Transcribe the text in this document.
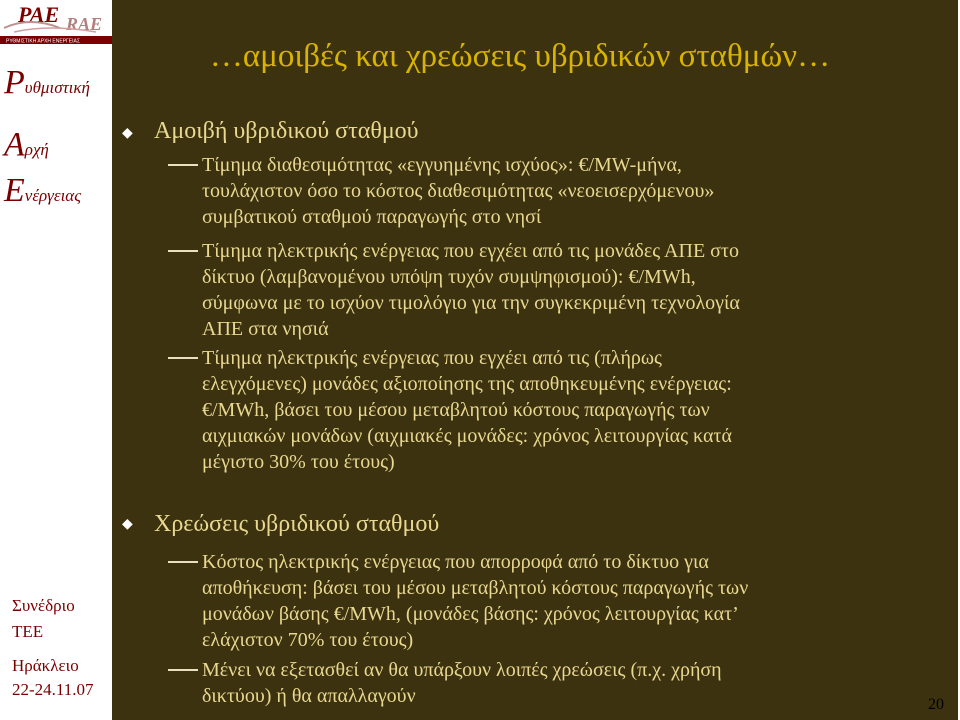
PAE RAE
ΡΥΘΜΙΣΤΙΚΗ ΑΡΧΗ ΕΝΕΡΓΕΙΑΣ
Ρυθμιστική
Αρχή
Ενέργειας
Συνέδριο
ΤΕΕ
Ηράκλειο
22-24.11.07
…αμοιβές και χρεώσεις υβριδικών σταθμών…
◆ Αμοιβή υβριδικού σταθμού
Τίμημα διαθεσιμότητας «εγγυημένης ισχύος»: €/MW-μήνα,
τουλάχιστον όσο το κόστος διαθεσιμότητας «νεοεισερχόμενου»
συμβατικού σταθμού παραγωγής στο νησί
Τίμημα ηλεκτρικής ενέργειας που εγχέει από τις μονάδες ΑΠΕ στο
δίκτυο (λαμβανομένου υπόψη τυχόν συμψηφισμού): €/MWh,
σύμφωνα με το ισχύον τιμολόγιο για την συγκεκριμένη τεχνολογία
ΑΠΕ στα νησιά
Τίμημα ηλεκτρικής ενέργειας που εγχέει από τις (πλήρως
ελεγχόμενες) μονάδες αξιοποίησης της αποθηκευμένης ενέργειας:
€/MWh, βάσει του μέσου μεταβλητού κόστους παραγωγής των
αιχμιακών μονάδων (αιχμιακές μονάδες: χρόνος λειτουργίας κατά
μέγιστο 30% του έτους)
◆ Χρεώσεις υβριδικού σταθμού
Κόστος ηλεκτρικής ενέργειας που απορροφά από το δίκτυο για
αποθήκευση: βάσει του μέσου μεταβλητού κόστους παραγωγής των
μονάδων βάσης €/MWh, (μονάδες βάσης: χρόνος λειτουργίας κατ’
ελάχιστον 70% του έτους)
Μένει να εξετασθεί αν θα υπάρξουν λοιπές χρεώσεις (π.χ. χρήση
δικτύου) ή θα απαλλαγούν	20
